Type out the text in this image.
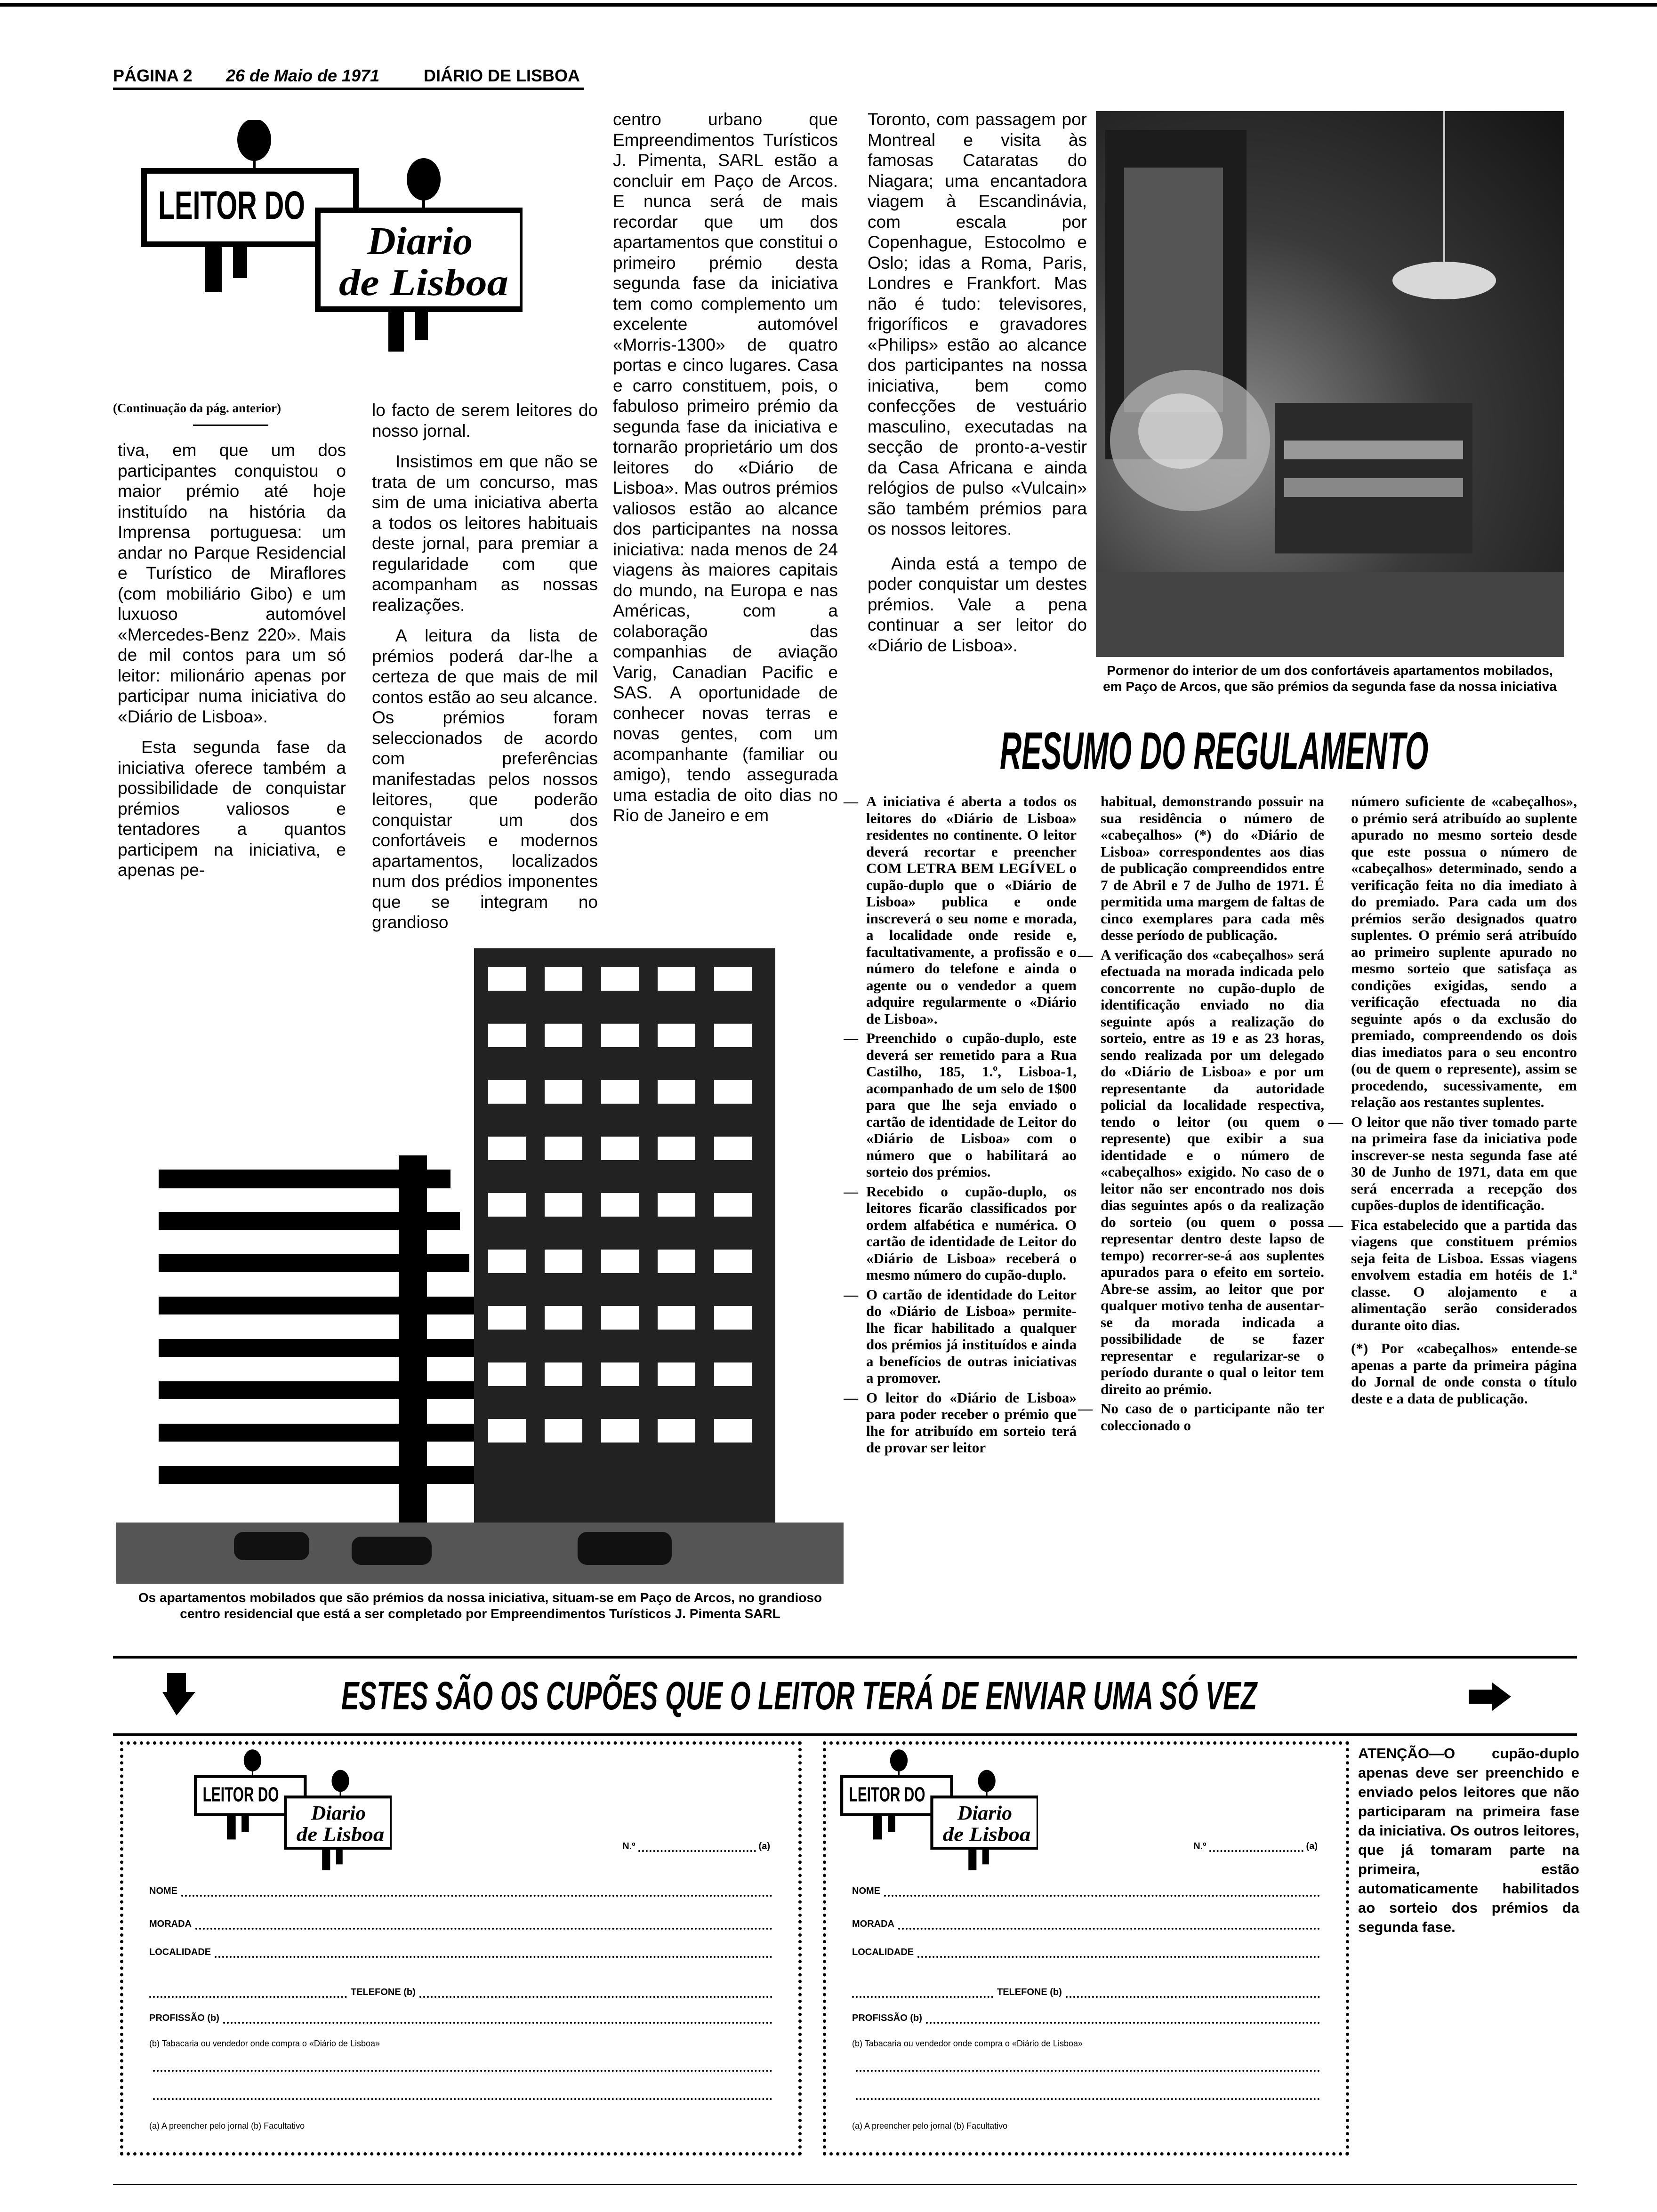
PÁGINA 2 26 de Maio de 1971	DIÁRIO DE LISBOA
LEITOR DO
Diario
de Lisboa
(Continuação da pág. anterior)

tiva, em que um dos participantes conquistou o maior prémio até hoje instituído na história da Imprensa portuguesa: um andar no Parque Residencial e Turístico de Miraflores (com mobiliário Gibo) e um luxuoso automóvel «Mercedes-Benz 220». Mais de mil contos para um só leitor: milionário apenas por participar numa iniciativa do «Diário de Lisboa».

Esta segunda fase da iniciativa oferece também a possibilidade de conquistar prémios valiosos e tentadores a quantos participem na iniciativa, e apenas pe-

lo facto de serem leitores do nosso jornal.

Insistimos em que não se trata de um concurso, mas sim de uma iniciativa aberta a todos os leitores habituais deste jornal, para premiar a regularidade com que acompanham as nossas realizações.

A leitura da lista de prémios poderá dar-lhe a certeza de que mais de mil contos estão ao seu alcance. Os prémios foram seleccionados de acordo com preferências manifestadas pelos nossos leitores, que poderão conquistar um dos confortáveis e modernos apartamentos, localizados num dos prédios imponentes que se integram no grandioso

centro urbano que Empreendimentos Turísticos J. Pimenta, SARL estão a concluir em Paço de Arcos. E nunca será de mais recordar que um dos apartamentos que constitui o primeiro prémio desta segunda fase da iniciativa tem como complemento um excelente automóvel «Morris-1300» de quatro portas e cinco lugares. Casa e carro constituem, pois, o fabuloso primeiro prémio da segunda fase da iniciativa e tornarão proprietário um dos leitores do «Diário de Lisboa». Mas outros prémios valiosos estão ao alcance dos participantes na nossa iniciativa: nada menos de 24 viagens às maiores capitais do mundo, na Europa e nas Américas, com a colaboração das companhias de aviação Varig, Canadian Pacific e SAS. A oportunidade de conhecer novas terras e novas gentes, com um acompanhante (familiar ou amigo), tendo assegurada uma estadia de oito dias no Rio de Janeiro e em

Toronto, com passagem por Montreal e visita às famosas Cataratas do Niagara; uma encantadora viagem à Escandinávia, com escala por Copenhague, Estocolmo e Oslo; idas a Roma, Paris, Londres e Frankfort. Mas não é tudo: televisores, frigoríficos e gravadores «Philips» estão ao alcance dos participantes na nossa iniciativa, bem como confecções de vestuário masculino, executadas na secção de pronto-a-vestir da Casa Africana e ainda relógios de pulso «Vulcain» são também prémios para os nossos leitores.

Ainda está a tempo de poder conquistar um destes prémios. Vale a pena continuar a ser leitor do «Diário de Lisboa».

Pormenor do interior de um dos confortáveis apartamentos mobilados, em Paço de Arcos, que são prémios da segunda fase da nossa iniciativa
RESUMO DO REGULAMENTO
— A iniciativa é aberta a todos os leitores do «Diário de Lisboa» residentes no continente. O leitor deverá recortar e preencher COM LETRA BEM LEGÍVEL o cupão-duplo que o «Diário de Lisboa» publica e onde inscreverá o seu nome e morada, a localidade onde reside e, facultativamente, a profissão e o número do telefone e ainda o agente ou o vendedor a quem adquire regularmente o «Diário de Lisboa».
— Preenchido o cupão-duplo, este deverá ser remetido para a Rua Castilho, 185, 1.º, Lisboa-1, acompanhado de um selo de 1$00 para que lhe seja enviado o cartão de identidade de Leitor do «Diário de Lisboa» com o número que o habilitará ao sorteio dos prémios.
— Recebido o cupão-duplo, os leitores ficarão classificados por ordem alfabética e numérica. O cartão de identidade de Leitor do «Diário de Lisboa» receberá o mesmo número do cupão-duplo.
— O cartão de identidade do Leitor do «Diário de Lisboa» permite-lhe ficar habilitado a qualquer dos prémios já instituídos e ainda a benefícios de outras iniciativas a promover.
— O leitor do «Diário de Lisboa» para poder receber o prémio que lhe for atribuído em sorteio terá de provar ser leitor
habitual, demonstrando possuir na sua residência o número de «cabeçalhos» (*) do «Diário de Lisboa» correspondentes aos dias de publicação compreendidos entre 7 de Abril e 7 de Julho de 1971. É permitida uma margem de faltas de cinco exemplares para cada mês desse período de publicação.
— A verificação dos «cabeçalhos» será efectuada na morada indicada pelo concorrente no cupão-duplo de identificação enviado no dia seguinte após a realização do sorteio, entre as 19 e as 23 horas, sendo realizada por um delegado do «Diário de Lisboa» e por um representante da autoridade policial da localidade respectiva, tendo o leitor (ou quem o represente) que exibir a sua identidade e o número de «cabeçalhos» exigido. No caso de o leitor não ser encontrado nos dois dias seguintes após o da realização do sorteio (ou quem o possa representar dentro deste lapso de tempo) recorrer-se-á aos suplentes apurados para o efeito em sorteio. Abre-se assim, ao leitor que por qualquer motivo tenha de ausentar-se da morada indicada a possibilidade de se fazer representar e regularizar-se o período durante o qual o leitor tem direito ao prémio.
— No caso de o participante não ter coleccionado o
número suficiente de «cabeçalhos», o prémio será atribuído ao suplente apurado no mesmo sorteio desde que este possua o número de «cabeçalhos» determinado, sendo a verificação feita no dia imediato à do premiado. Para cada um dos prémios serão designados quatro suplentes. O prémio será atribuído ao primeiro suplente apurado no mesmo sorteio que satisfaça as condições exigidas, sendo a verificação efectuada no dia seguinte após o da exclusão do premiado, compreendendo os dois dias imediatos para o seu encontro (ou de quem o represente), assim se procedendo, sucessivamente, em relação aos restantes suplentes.
— O leitor que não tiver tomado parte na primeira fase da iniciativa pode inscrever-se nesta segunda fase até 30 de Junho de 1971, data em que será encerrada a recepção dos cupões-duplos de identificação.
— Fica estabelecido que a partida das viagens que constituem prémios seja feita de Lisboa. Essas viagens envolvem estadia em hotéis de 1.ª classe. O alojamento e a alimentação serão considerados durante oito dias.
(*) Por «cabeçalhos» entende-se apenas a parte da primeira página do Jornal de onde consta o título deste e a data de publicação.
Os apartamentos mobilados que são prémios da nossa iniciativa, situam-se em Paço de Arcos, no grandioso centro residencial que está a ser completado por Empreendimentos Turísticos J. Pimenta SARL
ESTES SÃO OS CUPÕES QUE O LEITOR TERÁ DE ENVIAR UMA SÓ VEZ
LEITOR DO
Diario
de Lisboa
N.º	(a)
NOME
MORADA
LOCALIDADE
TELEFONE (b)
PROFISSÃO (b)
(b) Tabacaria ou vendedor onde compra o «Diário de Lisboa»
(a) A preencher pelo jornal (b) Facultativo
LEITOR DO
Diario
de Lisboa
N.º	(a)
NOME
MORADA
LOCALIDADE
TELEFONE (b)
PROFISSÃO (b)
(b) Tabacaria ou vendedor onde compra o «Diário de Lisboa»
(a) A preencher pelo jornal (b) Facultativo
ATENÇÃO—O cupão-duplo apenas deve ser preenchido e enviado pelos leitores que não participaram na primeira fase da iniciativa. Os outros leitores, que já tomaram parte na primeira, estão automaticamente habilitados ao sorteio dos prémios da segunda fase.
